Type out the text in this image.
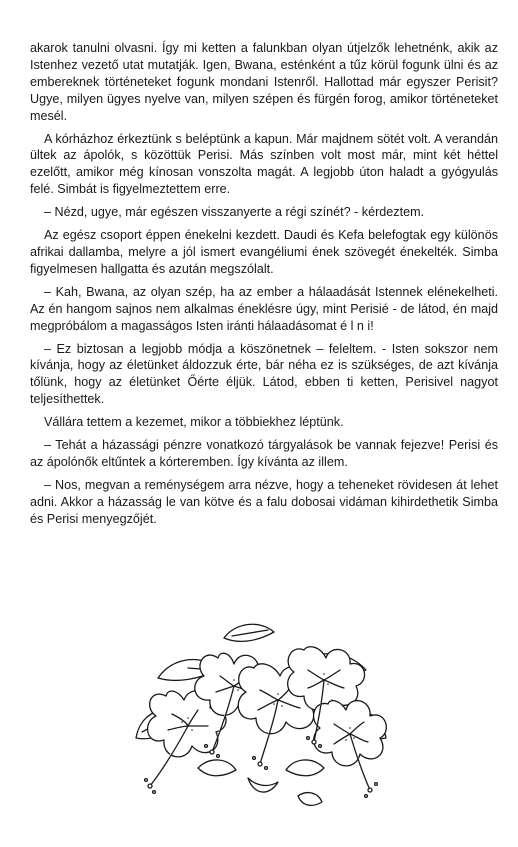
akarok tanulni olvasni. Így mi ketten a falunkban olyan útjelzők lehetnénk, akik az Istenhez vezető utat mutatják. Igen, Bwana, esténként a tűz körül fogunk ülni és az embereknek történeteket fogunk mondani Istenről. Hallottad már egyszer Perisit? Ugye, milyen ügyes nyelve van, milyen szépen és fürgén forog, amikor történeteket mesél.

A kórházhoz érkeztünk s beléptünk a kapun. Már majdnem sötét volt. A verandán ültek az ápolók, s közöttük Perisi. Más színben volt most már, mint két héttel ezelőtt, amikor még kínosan vonszolta magát. A legjobb úton haladt a gyógyulás felé. Simbát is figyelmeztettem erre.

– Nézd, ugye, már egészen visszanyerte a régi színét? - kérdeztem.

Az egész csoport éppen énekelni kezdett. Daudi és Kefa belefogtak egy különös afrikai dallamba, melyre a jól ismert evangéliumi ének szövegét énekelték. Simba figyelmesen hallgatta és azután megszólalt.

– Kah, Bwana, az olyan szép, ha az ember a hálaadását Istennek elénekelheti. Az én hangom sajnos nem alkalmas éneklésre úgy, mint Perisié - de látod, én majd megpróbálom a magasságos Isten iránti hálaadásomat é l n i!

– Ez biztosan a legjobb módja a köszönetnek – feleltem. - Isten sokszor nem kívánja, hogy az életünket áldozzuk érte, bár néha ez is szükséges, de azt kívánja tőlünk, hogy az életünket Őérte éljük. Látod, ebben ti ketten, Perisivel nagyot teljesíthettek.

Vállára tettem a kezemet, mikor a többiekhez léptünk.

– Tehát a házassági pénzre vonatkozó tárgyalások be vannak fejezve! Perisi és az ápolónők eltűntek a kórteremben. Így kívánta az illem.

– Nos, megvan a reménységem arra nézve, hogy a teheneket rövidesen át lehet adni. Akkor a házasság le van kötve és a falu dobosai vidáman kihirdethetik Simba és Perisi menyegzőjét.
